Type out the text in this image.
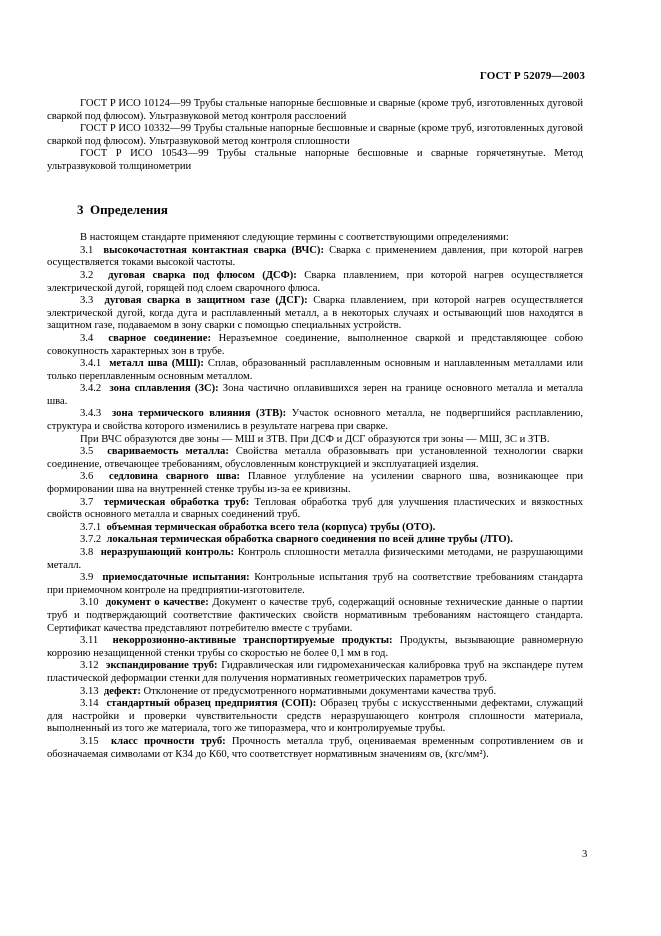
ГОСТ Р 52079—2003

ГОСТ Р ИСО 10124—99 Трубы стальные напорные бесшовные и сварные (кроме труб, изготовленных дуговой сваркой под флюсом). Ультразвуковой метод контроля расслоений

ГОСТ Р ИСО 10332—99 Трубы стальные напорные бесшовные и сварные (кроме труб, изготовленных дуговой сваркой под флюсом). Ультразвуковой метод контроля сплошности

ГОСТ Р ИСО 10543—99 Трубы стальные напорные бесшовные и сварные горячетянутые. Метод ультразвуковой толщинометрии

3 Определения

В настоящем стандарте применяют следующие термины с соответствующими определениями:

3.1 высокочастотная контактная сварка (ВЧС): Сварка с применением давления, при которой нагрев осуществляется токами высокой частоты.

3.2 дуговая сварка под флюсом (ДСФ): Сварка плавлением, при которой нагрев осуществляется электрической дугой, горящей под слоем сварочного флюса.

3.3 дуговая сварка в защитном газе (ДСГ): Сварка плавлением, при которой нагрев осуществляется электрической дугой, когда дуга и расплавленный металл, а в некоторых случаях и остывающий шов находятся в защитном газе, подаваемом в зону сварки с помощью специальных устройств.

3.4 сварное соединение: Неразъемное соединение, выполненное сваркой и представляющее собою совокупность характерных зон в трубе.

3.4.1 металл шва (МШ): Сплав, образованный расплавленным основным и наплавленным металлами или только переплавленным основным металлом.

3.4.2 зона сплавления (ЗС): Зона частично оплавившихся зерен на границе основного металла и металла шва.

3.4.3 зона термического влияния (ЗТВ): Участок основного металла, не подвергшийся расплавлению, структура и свойства которого изменились в результате нагрева при сварке.

При ВЧС образуются две зоны — МШ и ЗТВ. При ДСФ и ДСГ образуются три зоны — МШ, ЗС и ЗТВ.

3.5 свариваемость металла: Свойства металла образовывать при установленной технологии сварки соединение, отвечающее требованиям, обусловленным конструкцией и эксплуатацией изделия.

3.6 седловина сварного шва: Плавное углубление на усилении сварного шва, возникающее при формировании шва на внутренней стенке трубы из-за ее кривизны.

3.7 термическая обработка труб: Тепловая обработка труб для улучшения пластических и вязкостных свойств основного металла и сварных соединений труб.

3.7.1 объемная термическая обработка всего тела (корпуса) трубы (ОТО).

3.7.2 локальная термическая обработка сварного соединения по всей длине трубы (ЛТО).

3.8 неразрушающий контроль: Контроль сплошности металла физическими методами, не разрушающими металл.

3.9 приемосдаточные испытания: Контрольные испытания труб на соответствие требованиям стандарта при приемочном контроле на предприятии-изготовителе.

3.10 документ о качестве: Документ о качестве труб, содержащий основные технические данные о партии труб и подтверждающий соответствие фактических свойств нормативным требованиям настоящего стандарта. Сертификат качества представляют потребителю вместе с трубами.

3.11 некоррозионно-активные транспортируемые продукты: Продукты, вызывающие равномерную коррозию незащищенной стенки трубы со скоростью не более 0,1 мм в год.

3.12 экспандирование труб: Гидравлическая или гидромеханическая калибровка труб на экспандере путем пластической деформации стенки для получения нормативных геометрических параметров труб.

3.13 дефект: Отклонение от предусмотренного нормативными документами качества труб.

3.14 стандартный образец предприятия (СОП): Образец трубы с искусственными дефектами, служащий для настройки и проверки чувствительности средств неразрушающего контроля сплошности материала, выполненный из того же материала, того же типоразмера, что и контролируемые трубы.

3.15 класс прочности труб: Прочность металла труб, оцениваемая временным сопротивлением σв и обозначаемая символами от К34 до К60, что соответствует нормативным значениям σв, (кгс/мм²).

3
